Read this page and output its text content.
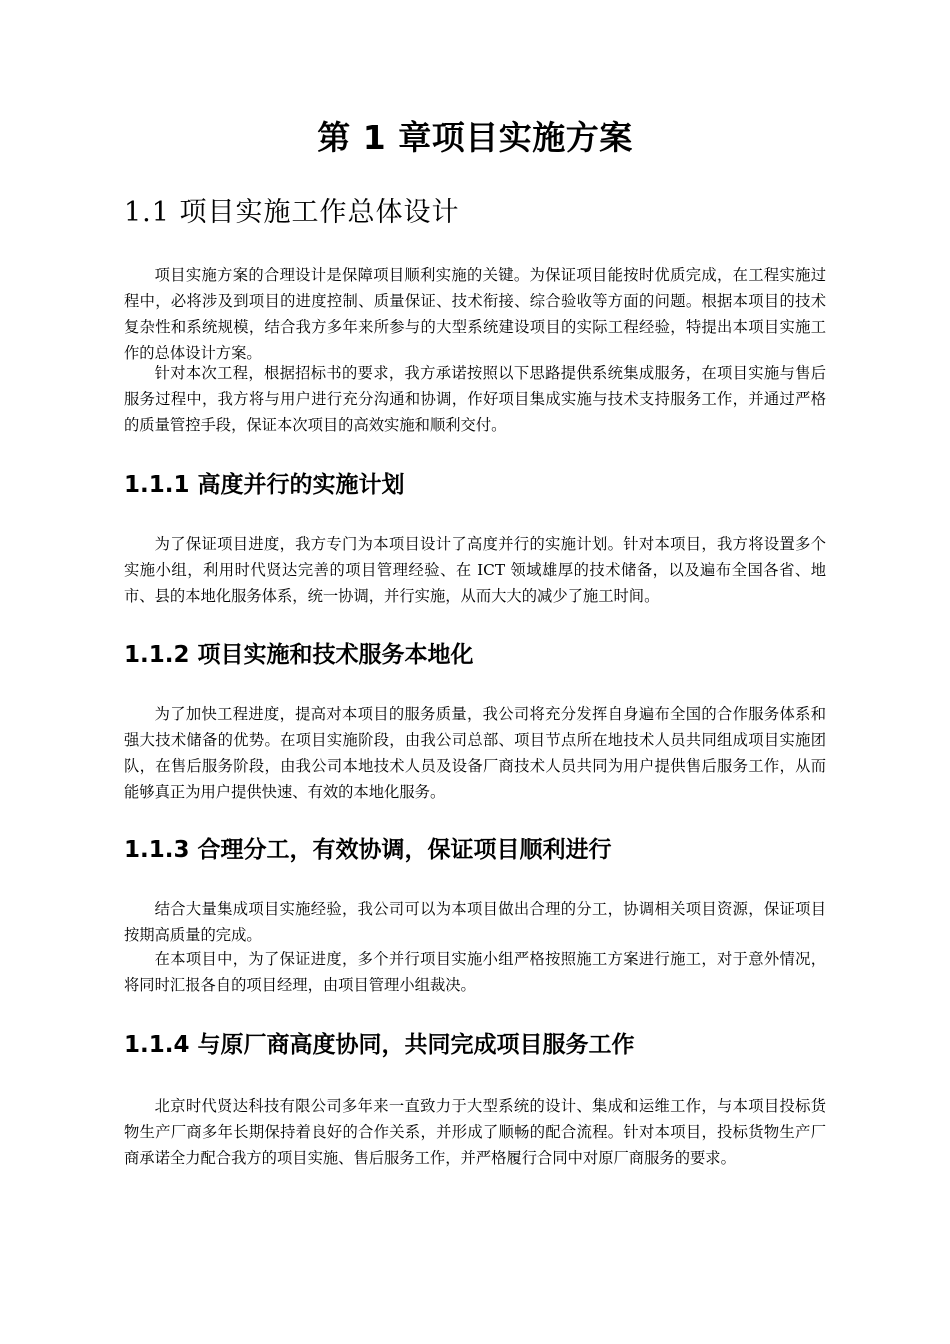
第 1 章项目实施方案
1.1 项目实施工作总体设计

项目实施方案的合理设计是保障项目顺利实施的关键。为保证项目能按时优质完成，在工程实施过程中，必将涉及到项目的进度控制、质量保证、技术衔接、综合验收等方面的问题。根据本项目的技术复杂性和系统规模，结合我方多年来所参与的大型系统建设项目的实际工程经验，特提出本项目实施工作的总体设计方案。

针对本次工程，根据招标书的要求，我方承诺按照以下思路提供系统集成服务，在项目实施与售后服务过程中，我方将与用户进行充分沟通和协调，作好项目集成实施与技术支持服务工作，并通过严格的质量管控手段，保证本次项目的高效实施和顺利交付。

1.1.1 高度并行的实施计划

为了保证项目进度，我方专门为本项目设计了高度并行的实施计划。针对本项目，我方将设置多个实施小组，利用时代贤达完善的项目管理经验、在 ICT 领域雄厚的技术储备，以及遍布全国各省、地市、县的本地化服务体系，统一协调，并行实施，从而大大的减少了施工时间。

1.1.2 项目实施和技术服务本地化

为了加快工程进度，提高对本项目的服务质量，我公司将充分发挥自身遍布全国的合作服务体系和强大技术储备的优势。在项目实施阶段，由我公司总部、项目节点所在地技术人员共同组成项目实施团队，在售后服务阶段，由我公司本地技术人员及设备厂商技术人员共同为用户提供售后服务工作，从而能够真正为用户提供快速、有效的本地化服务。

1.1.3 合理分工，有效协调，保证项目顺利进行

结合大量集成项目实施经验，我公司可以为本项目做出合理的分工，协调相关项目资源，保证项目按期高质量的完成。

在本项目中，为了保证进度，多个并行项目实施小组严格按照施工方案进行施工，对于意外情况，将同时汇报各自的项目经理，由项目管理小组裁决。

1.1.4 与原厂商高度协同，共同完成项目服务工作

北京时代贤达科技有限公司多年来一直致力于大型系统的设计、集成和运维工作，与本项目投标货物生产厂商多年长期保持着良好的合作关系，并形成了顺畅的配合流程。针对本项目，投标货物生产厂商承诺全力配合我方的项目实施、售后服务工作，并严格履行合同中对原厂商服务的要求。
